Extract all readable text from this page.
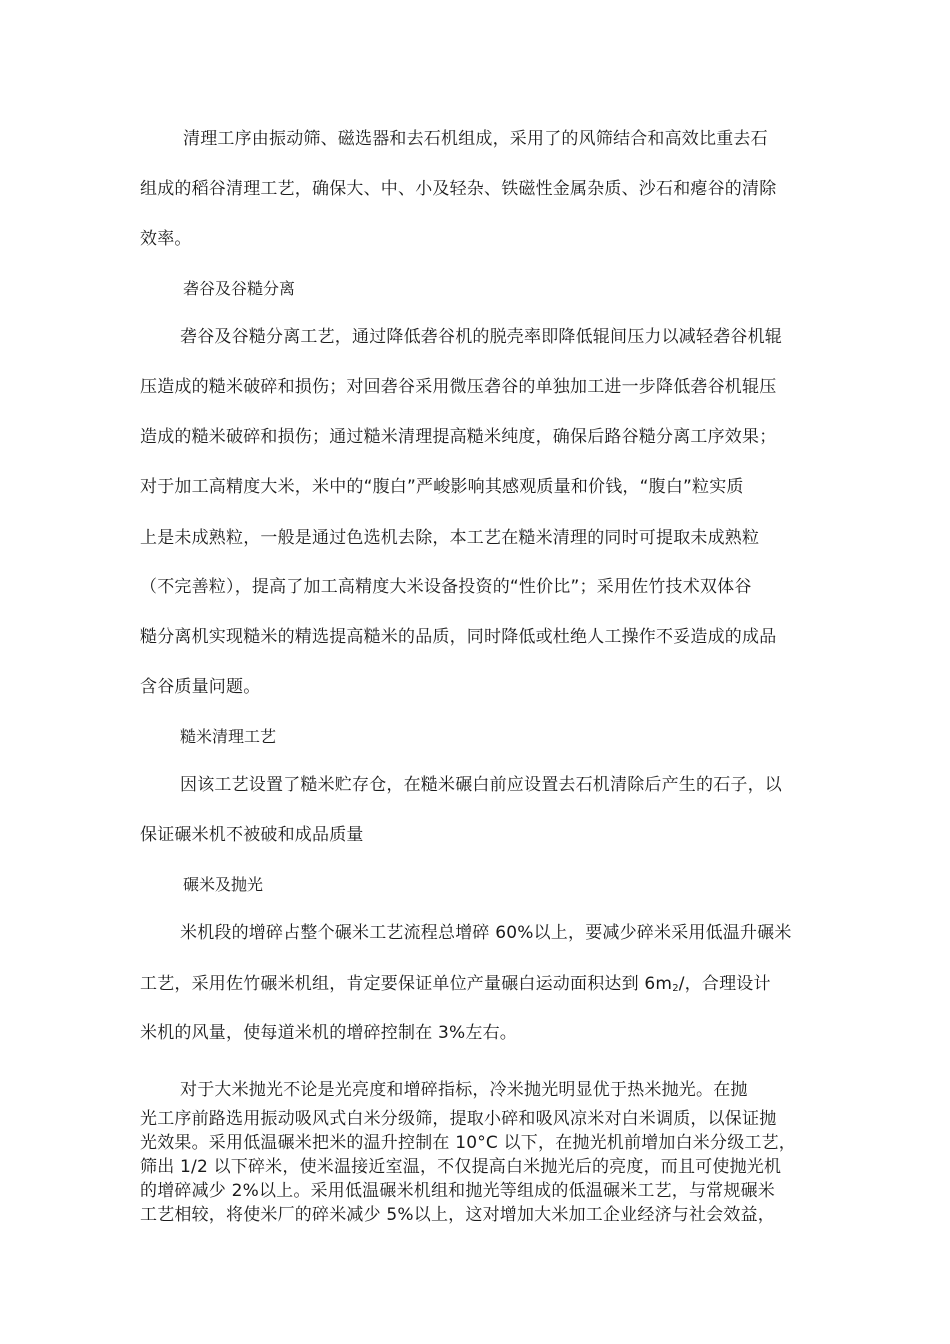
清理工序由振动筛、磁选器和去石机组成，采用了的风筛结合和高效比重去石
组成的稻谷清理工艺，确保大、中、小及轻杂、铁磁性金属杂质、沙石和瘪谷的清除
效率。
砻谷及谷糙分离
砻谷及谷糙分离工艺，通过降低砻谷机的脱壳率即降低辊间压力以减轻砻谷机辊
压造成的糙米破碎和损伤；对回砻谷采用微压砻谷的单独加工进一步降低砻谷机辊压
造成的糙米破碎和损伤；通过糙米清理提高糙米纯度，确保后路谷糙分离工序效果；
对于加工高精度大米，米中的“腹白”严峻影响其感观质量和价钱，“腹白”粒实质
上是未成熟粒，一般是通过色选机去除，本工艺在糙米清理的同时可提取未成熟粒
（不完善粒），提高了加工高精度大米设备投资的“性价比”；采用佐竹技术双体谷
糙分离机实现糙米的精选提高糙米的品质，同时降低或杜绝人工操作不妥造成的成品
含谷质量问题。
糙米清理工艺
因该工艺设置了糙米贮存仓，在糙米碾白前应设置去石机清除后产生的石子，以
保证碾米机不被破和成品质量
碾米及抛光
米机段的增碎占整个碾米工艺流程总增碎 60%以上，要减少碎米采用低温升碾米
工艺，采用佐竹碾米机组，肯定要保证单位产量碾白运动面积达到 $6m_2/$，合理设计
米机的风量，使每道米机的增碎控制在 3%左右。
对于大米抛光不论是光亮度和增碎指标，冷米抛光明显优于热米抛光。在抛
光工序前路选用振动吸风式白米分级筛，提取小碎和吸风凉米对白米调质，以保证抛
光效果。采用低温碾米把米的温升控制在 10°C 以下，在抛光机前增加白米分级工艺，
筛出 1/2 以下碎米，使米温接近室温，不仅提高白米抛光后的亮度，而且可使抛光机
的增碎减少 2%以上。采用低温碾米机组和抛光等组成的低温碾米工艺，与常规碾米
工艺相较，将使米厂的碎米减少 5%以上，这对增加大米加工企业经济与社会效益，
